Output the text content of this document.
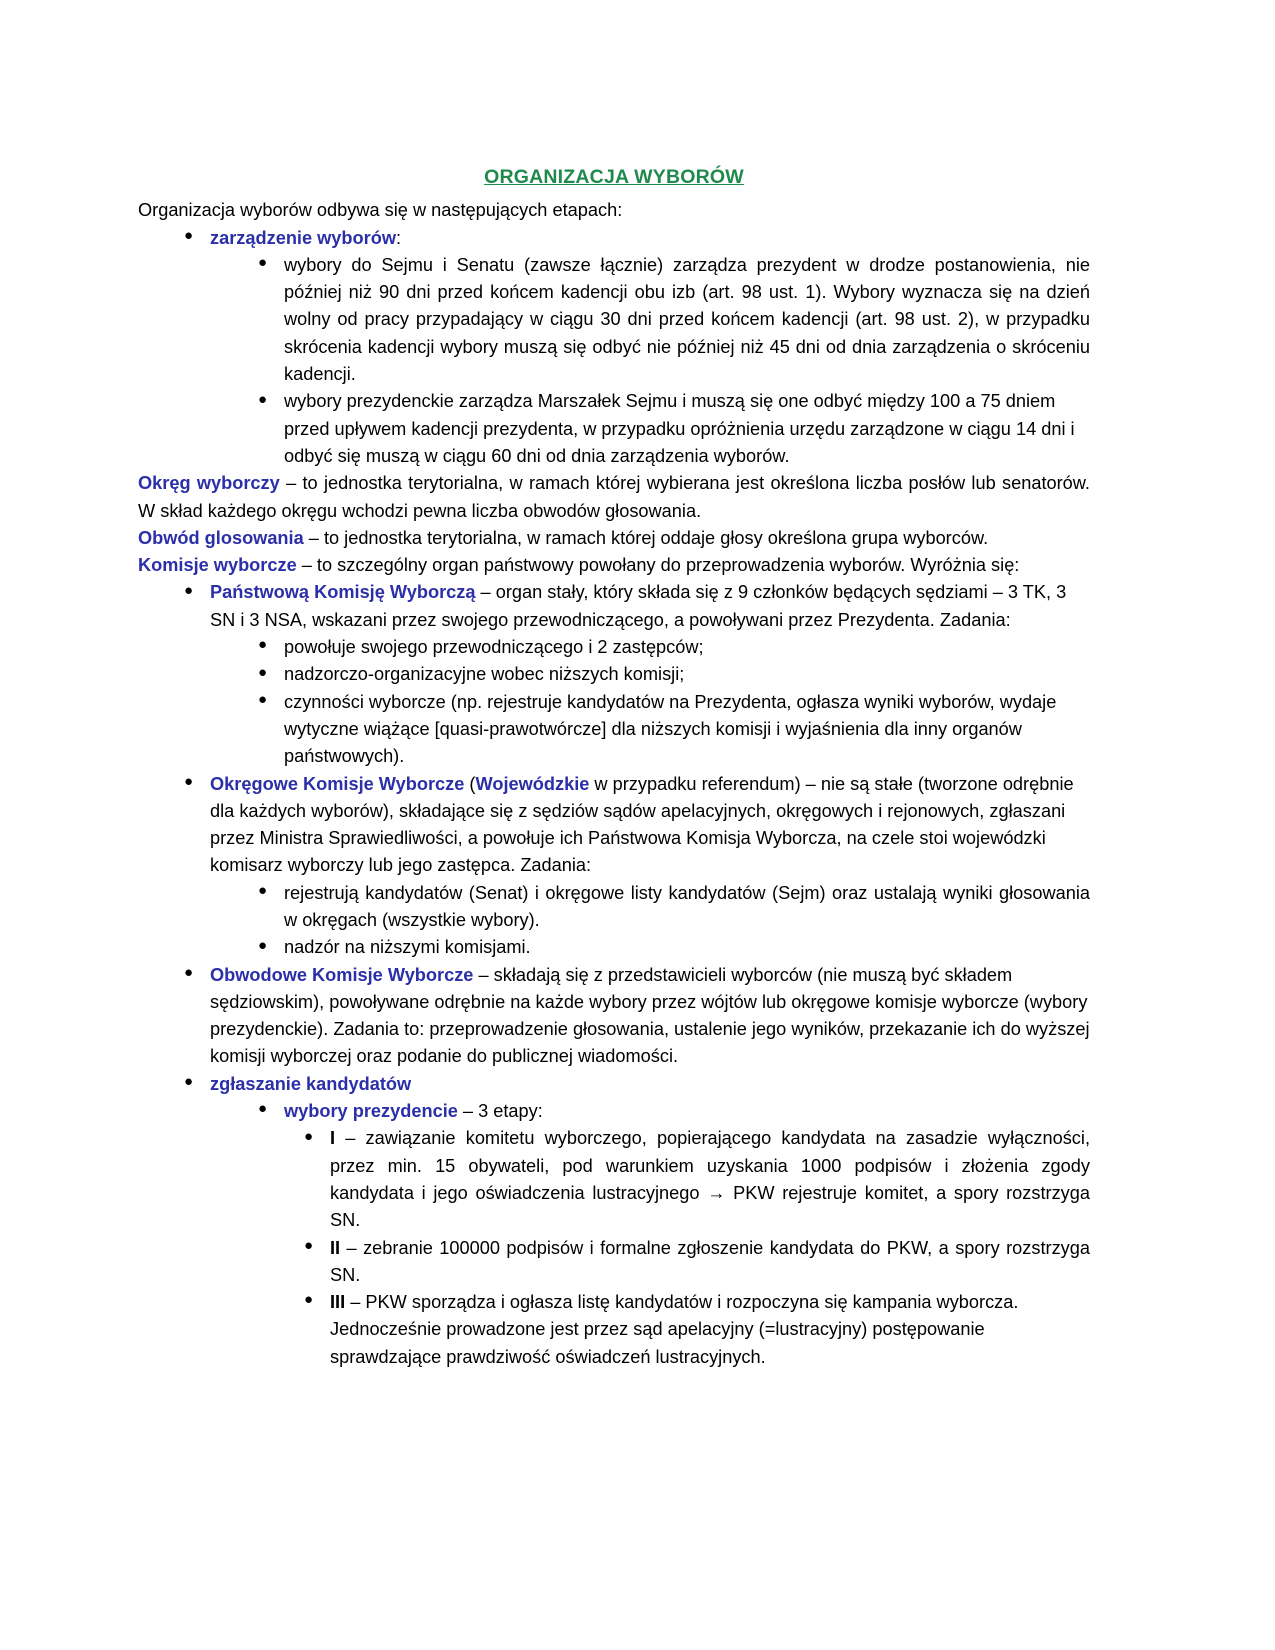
ORGANIZACJA WYBORÓW

Organizacja wyborów odbywa się w następujących etapach:

● zarządzenie wyborów:
● wybory do Sejmu i Senatu (zawsze łącznie) zarządza prezydent w drodze postanowienia, nie później niż 90 dni przed końcem kadencji obu izb (art. 98 ust. 1). Wybory wyznacza się na dzień wolny od pracy przypadający w ciągu 30 dni przed końcem kadencji (art. 98 ust. 2), w przypadku skrócenia kadencji wybory muszą się odbyć nie później niż 45 dni od dnia zarządzenia o skróceniu kadencji.
● wybory prezydenckie zarządza Marszałek Sejmu i muszą się one odbyć między 100 a 75 dniem przed upływem kadencji prezydenta, w przypadku opróżnienia urzędu zarządzone w ciągu 14 dni i odbyć się muszą w ciągu 60 dni od dnia zarządzenia wyborów.

Okręg wyborczy – to jednostka terytorialna, w ramach której wybierana jest określona liczba posłów lub senatorów. W skład każdego okręgu wchodzi pewna liczba obwodów głosowania.

Obwód glosowania – to jednostka terytorialna, w ramach której oddaje głosy określona grupa wyborców.

Komisje wyborcze – to szczególny organ państwowy powołany do przeprowadzenia wyborów. Wyróżnia się:

● Państwową Komisję Wyborczą – organ stały, który składa się z 9 członków będących sędziami – 3 TK, 3 SN i 3 NSA, wskazani przez swojego przewodniczącego, a powoływani przez Prezydenta. Zadania:
● powołuje swojego przewodniczącego i 2 zastępców;
● nadzorczo-organizacyjne wobec niższych komisji;
● czynności wyborcze (np. rejestruje kandydatów na Prezydenta, ogłasza wyniki wyborów, wydaje wytyczne wiążące [quasi-prawotwórcze] dla niższych komisji i wyjaśnienia dla inny organów państwowych).
● Okręgowe Komisje Wyborcze (Wojewódzkie w przypadku referendum) – nie są stałe (tworzone odrębnie dla każdych wyborów), składające się z sędziów sądów apelacyjnych, okręgowych i rejonowych, zgłaszani przez Ministra Sprawiedliwości, a powołuje ich Państwowa Komisja Wyborcza, na czele stoi wojewódzki komisarz wyborczy lub jego zastępca. Zadania:
● rejestrują kandydatów (Senat) i okręgowe listy kandydatów (Sejm) oraz ustalają wyniki głosowania w okręgach (wszystkie wybory).
● nadzór na niższymi komisjami.
● Obwodowe Komisje Wyborcze – składają się z przedstawicieli wyborców (nie muszą być składem sędziowskim), powoływane odrębnie na każde wybory przez wójtów lub okręgowe komisje wyborcze (wybory prezydenckie). Zadania to: przeprowadzenie głosowania, ustalenie jego wyników, przekazanie ich do wyższej komisji wyborczej oraz podanie do publicznej wiadomości.
● zgłaszanie kandydatów
● wybory prezydencie – 3 etapy:
● I – zawiązanie komitetu wyborczego, popierającego kandydata na zasadzie wyłączności, przez min. 15 obywateli, pod warunkiem uzyskania 1000 podpisów i złożenia zgody kandydata i jego oświadczenia lustracyjnego → PKW rejestruje komitet, a spory rozstrzyga SN.
● II – zebranie 100000 podpisów i formalne zgłoszenie kandydata do PKW, a spory rozstrzyga SN.
● III – PKW sporządza i ogłasza listę kandydatów i rozpoczyna się kampania wyborcza. Jednocześnie prowadzone jest przez sąd apelacyjny (=lustracyjny) postępowanie sprawdzające prawdziwość oświadczeń lustracyjnych.
